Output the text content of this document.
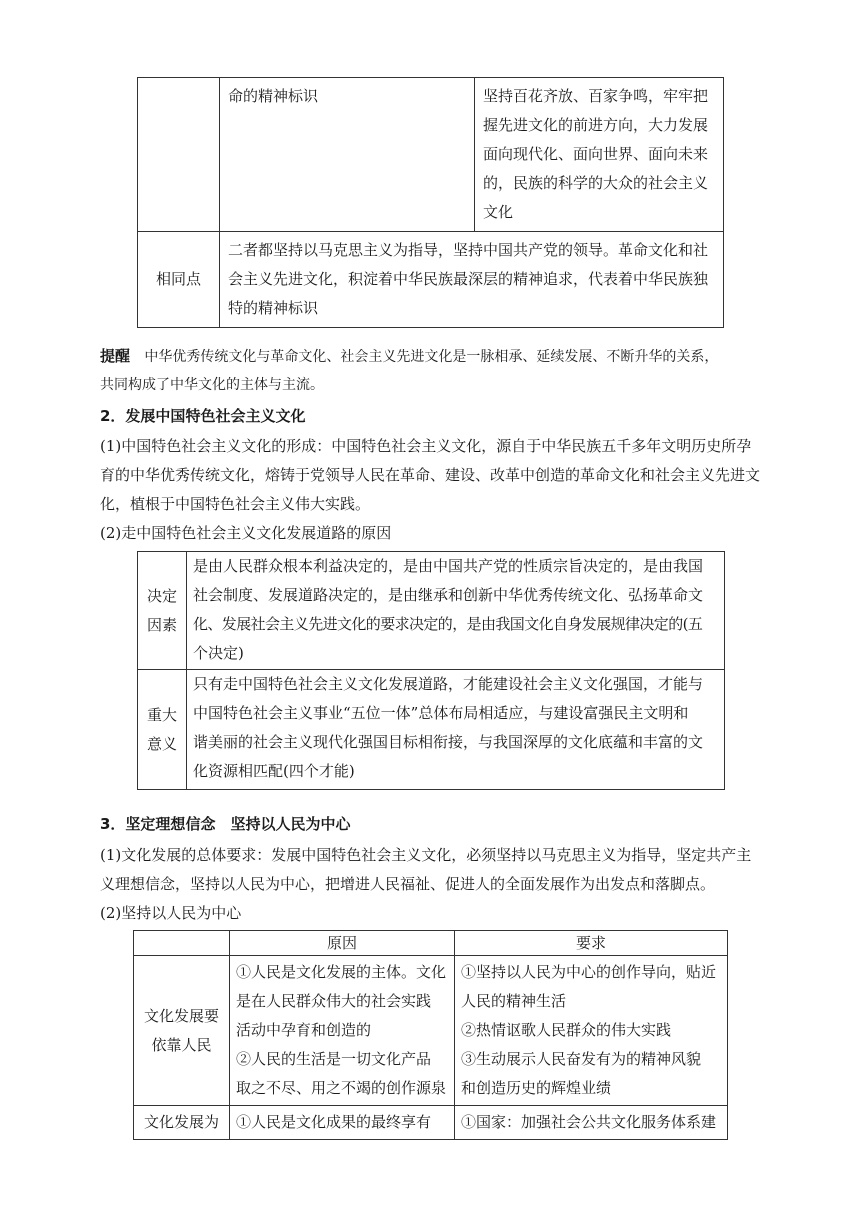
	命的精神标识	坚持百花齐放、百家争鸣，牢牢把
握先进文化的前进方向，大力发展
面向现代化、面向世界、面向未来
的，民族的科学的大众的社会主义
文化

相同点	二者都坚持以马克思主义为指导，坚持中国共产党的领导。革命文化和社
会主义先进文化，积淀着中华民族最深层的精神追求，代表着中华民族独
特的精神标识	
提醒 中华优秀传统文化与革命文化、社会主义先进文化是一脉相承、延续发展、不断升华的关系，
共同构成了中华文化的主体与主流。
2．发展中国特色社会主义文化
(1)中国特色社会主义文化的形成：中国特色社会主义文化，源自于中华民族五千多年文明历史所孕
育的中华优秀传统文化，熔铸于党领导人民在革命、建设、改革中创造的革命文化和社会主义先进文
化，植根于中国特色社会主义伟大实践。
(2)走中国特色社会主义文化发展道路的原因
决定
因素	是由人民群众根本利益决定的，是由中国共产党的性质宗旨决定的，是由我国
社会制度、发展道路决定的，是由继承和创新中华优秀传统文化、弘扬革命文
化、发展社会主义先进文化的要求决定的，是由我国文化自身发展规律决定的(五
个决定)

重大
意义	只有走中国特色社会主义文化发展道路，才能建设社会主义文化强国，才能与
中国特色社会主义事业“五位一体”总体布局相适应，与建设富强民主文明和
谐美丽的社会主义现代化强国目标相衔接，与我国深厚的文化底蕴和丰富的文
化资源相匹配(四个才能)
3．坚定理想信念　坚持以人民为中心
(1)文化发展的总体要求：发展中国特色社会主义文化，必须坚持以马克思主义为指导，坚定共产主
义理想信念，坚持以人民为中心，把增进人民福祉、促进人的全面发展作为出发点和落脚点。
(2)坚持以人民为中心
	原因	要求

文化发展要
依靠人民	①人民是文化发展的主体。文化
是在人民群众伟大的社会实践
活动中孕育和创造的
②人民的生活是一切文化产品
取之不尽、用之不竭的创作源泉	①坚持以人民为中心的创作导向，贴近
人民的精神生活
②热情讴歌人民群众的伟大实践
③生动展示人民奋发有为的精神风貌
和创造历史的辉煌业绩

文化发展为	①人民是文化成果的最终享有	①国家：加强社会公共文化服务体系建
